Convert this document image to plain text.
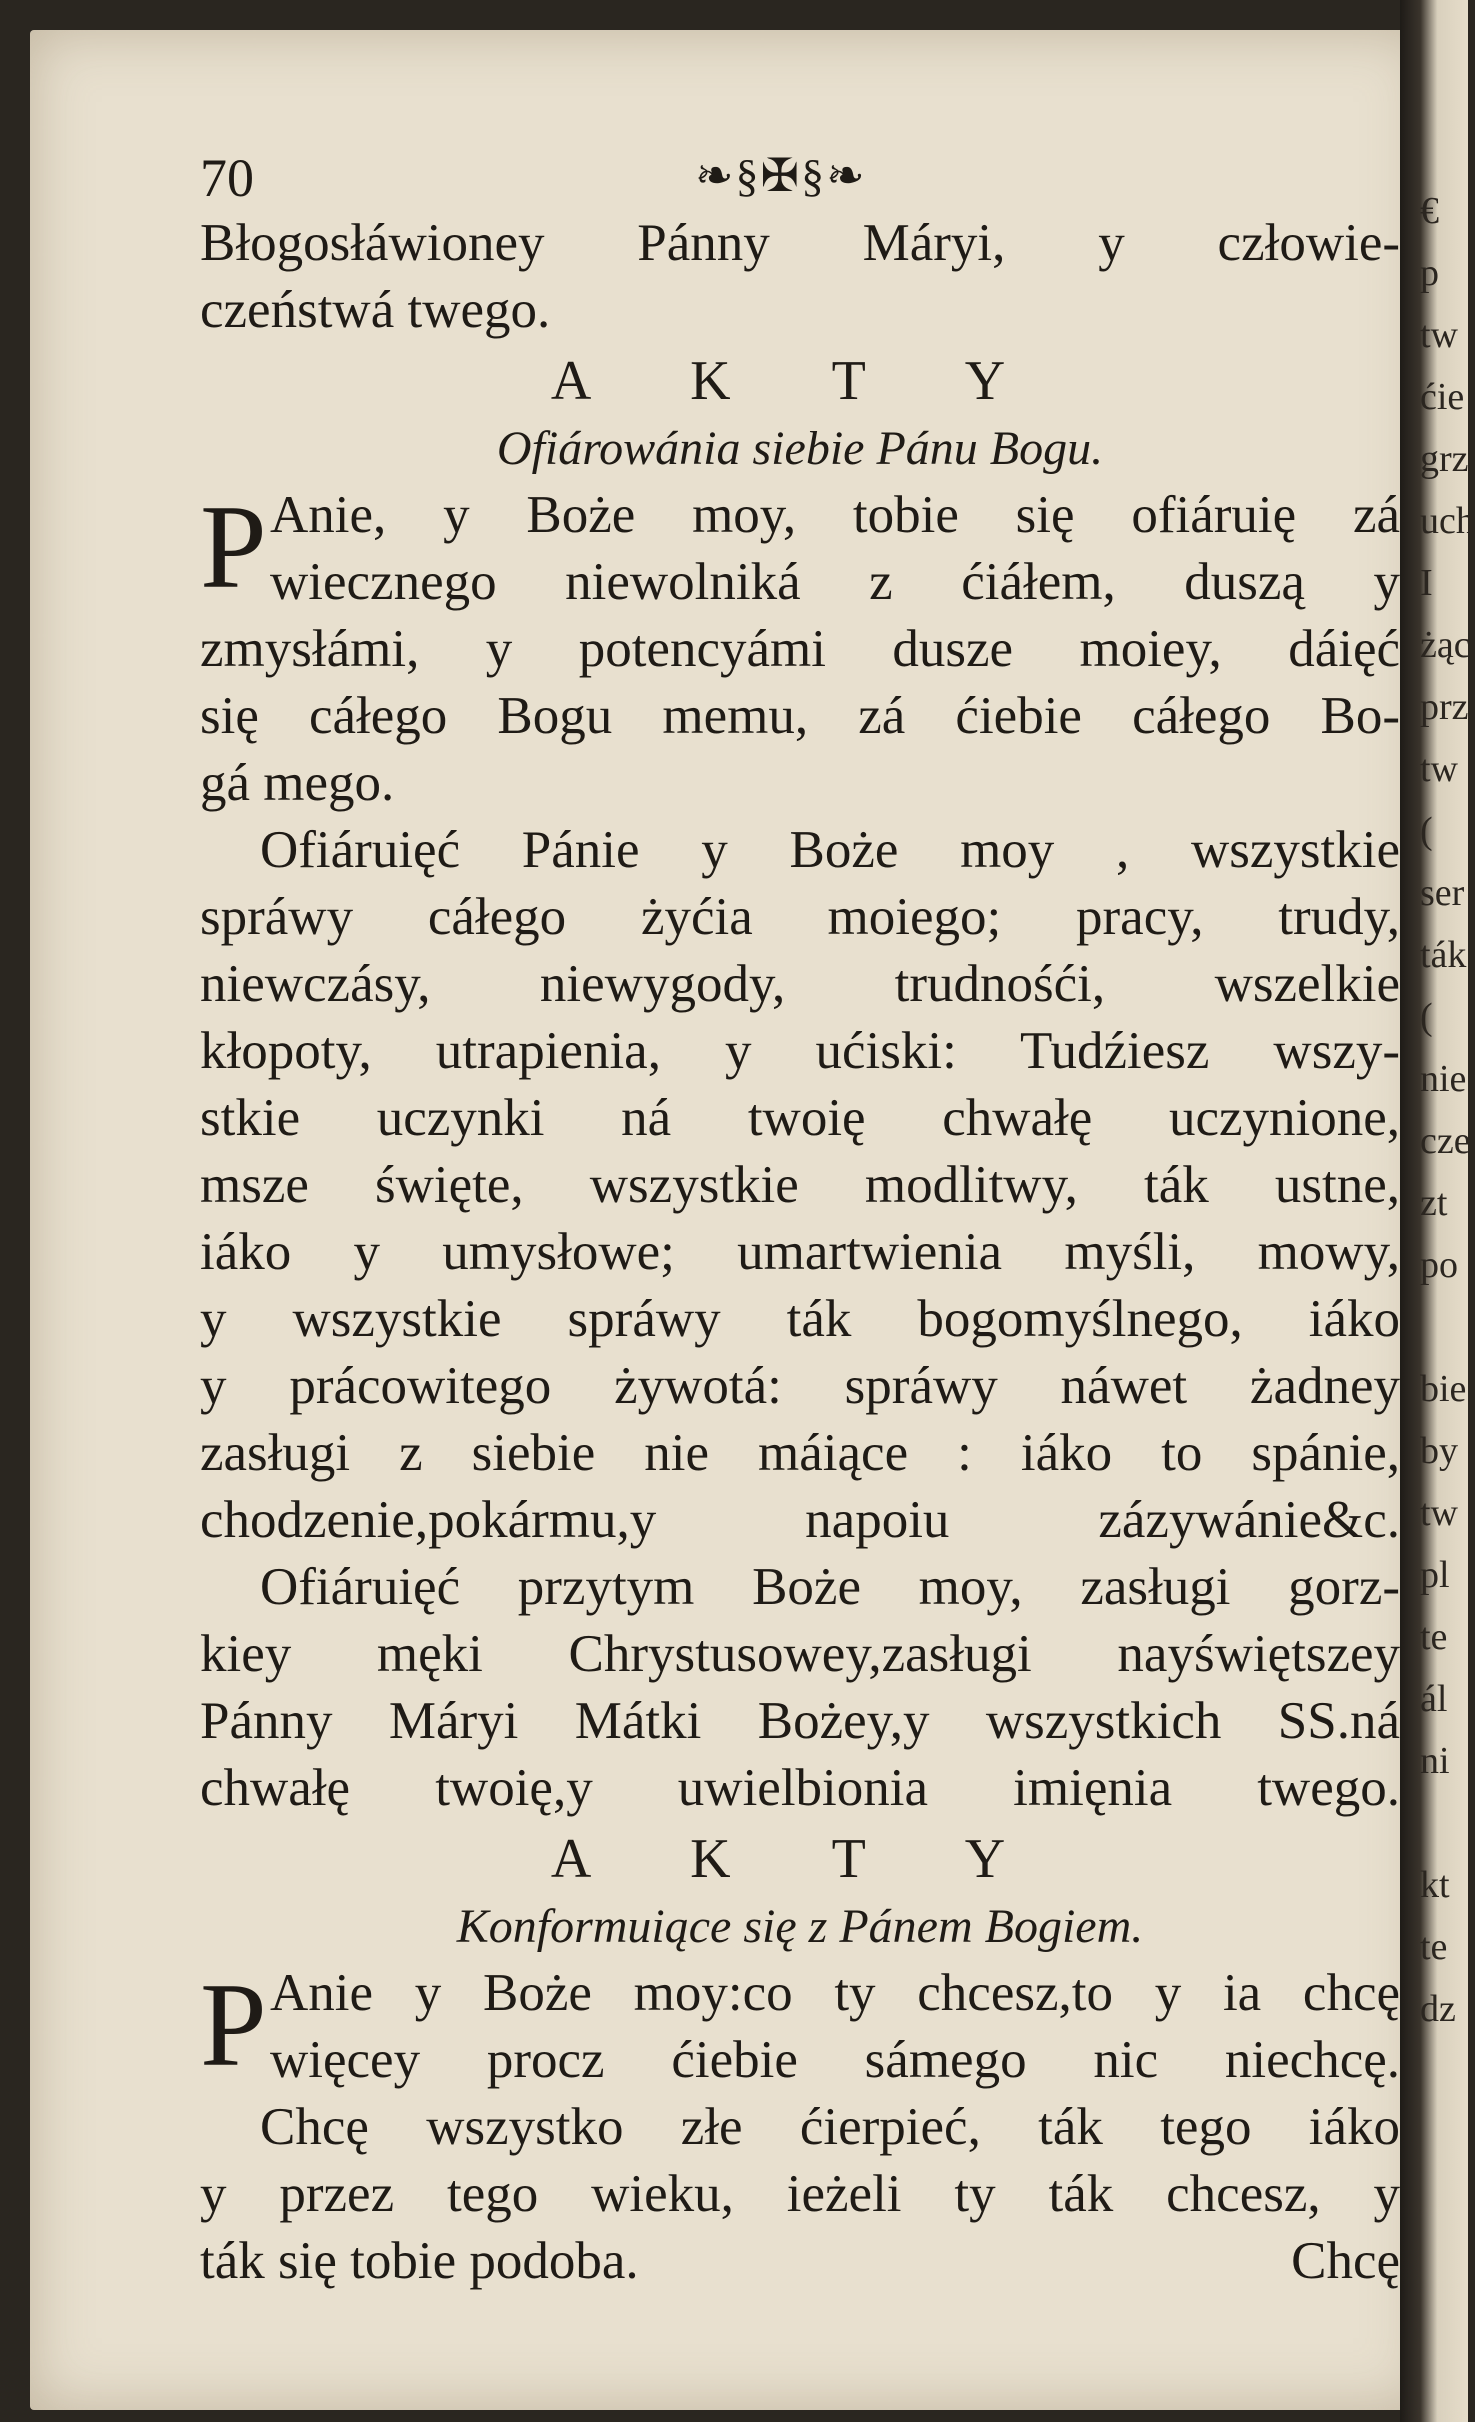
€
p
tw
ćie
grz
uch
I
żąc
prz
tw
(
ser
ták
(
nie
cze
zt
po

bie
by
tw
pl
te
ál
ni

kt
te
dz
70	❧§✠§❧
Błogosłáwioney Pánny Máryi, y człowie-
czeństwá twego.
A K T Y
Ofiárowánia siebie Pánu Bogu.
P Anie, y Boże moy, tobie się ofiáruię zá
wiecznego niewolniká z ćiáłem, duszą y
zmysłámi, y potencyámi dusze moiey, dáięć
się cáłego Bogu memu, zá ćiebie cáłego Bo-
gá mego.
Ofiáruięć Pánie y Boże moy , wszystkie
spráwy cáłego żyćia moiego; pracy, trudy,
niewczásy, niewygody, trudnośći, wszelkie
kłopoty, utrapienia, y ućiski: Tudźiesz wszy-
stkie uczynki ná twoię chwałę uczynione,
msze święte, wszystkie modlitwy, ták ustne,
iáko y umysłowe; umartwienia myśli, mowy,
y wszystkie spráwy ták bogomyślnego, iáko
y prácowitego żywotá: spráwy náwet żadney
zasługi z siebie nie máiące : iáko to spánie,
chodzenie,pokármu,y napoiu zázywánie&c.
Ofiáruięć przytym Boże moy, zasługi gorz-
kiey męki Chrystusowey,zasługi nayświętszey
Pánny Máryi Mátki Bożey,y wszystkich SS.ná
chwałę twoię,y uwielbionia imięnia twego.
A K T Y
Konformuiące się z Pánem Bogiem.
P Anie y Boże moy:co ty chcesz,to y ia chcę
więcey procz ćiebie sámego nic niechcę.
Chcę wszystko złe ćierpieć, ták tego iáko
y przez tego wieku, ieżeli ty ták chcesz, y
ták się tobie podoba.	Chcę
